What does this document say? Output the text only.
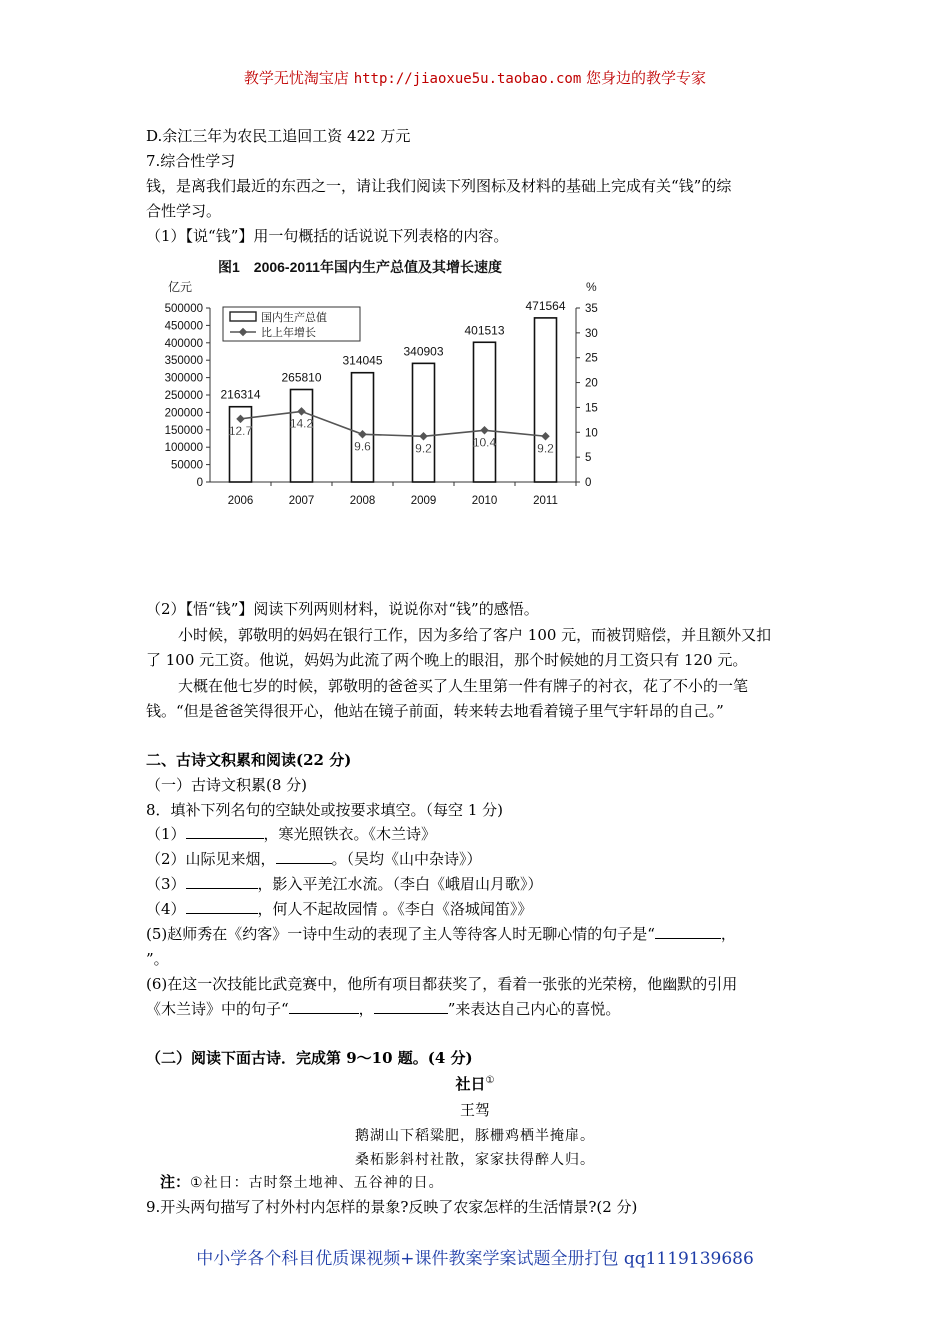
教学无忧淘宝店 http://jiaoxue5u.taobao.com 您身边的教学专家
D.余江三年为农民工追回工资 422 万元
7.综合性学习
钱，是离我们最近的东西之一，请让我们阅读下列图标及材料的基础上完成有关“钱”的综
合性学习。
（1）【说“钱”】用一句概括的话说说下列表格的内容。
图1　2006-2011年国内生产总值及其增长速度
亿元	%
500000
450000
400000
350000
300000
250000
200000
150000
100000
50000
0
35
30
25
20
15
10
5
0
2006
216314
2007
265810
2008
314045
2009
340903
2010
401513
2011
471564
12.7
14.2
9.6	9.2	10.4	9.2
国内生产总值
比上年增长
（2）【悟“钱”】阅读下列两则材料，说说你对“钱”的感悟。
小时候，郭敬明的妈妈在银行工作，因为多给了客户 100 元，而被罚赔偿，并且额外又扣
了 100 元工资。他说，妈妈为此流了两个晚上的眼泪，那个时候她的月工资只有 120 元。
大概在他七岁的时候，郭敬明的爸爸买了人生里第一件有牌子的衬衣，花了不小的一笔
钱。“但是爸爸笑得很开心，他站在镜子前面，转来转去地看着镜子里气宇轩昂的自己。”
二、古诗文积累和阅读(22 分)
（一）古诗文积累(8 分)
8．填补下列名句的空缺处或按要求填空。（每空 1 分)
（1）	，寒光照铁衣。《木兰诗》
（2）山际见来烟，	。（吴均《山中杂诗》）
（3）	，影入平羌江水流。（李白《峨眉山月歌》）
（4）	，何人不起故园情 。《李白《洛城闻笛》》
(5)赵师秀在《约客》一诗中生动的表现了主人等待客人时无聊心情的句子是“	，
”。
(6)在这一次技能比武竞赛中，他所有项目都获奖了，看着一张张的光荣榜，他幽默的引用
《木兰诗》中的句子“	，	”来表达自己内心的喜悦。
（二）阅读下面古诗．完成第 9～10 题。(4 分)
社日①
王驾
鹅湖山下稻粱肥，豚栅鸡栖半掩扉。
桑柘影斜村社散，家家扶得醉人归。
注：①社日：古时祭土地神、五谷神的日。
9.开头两句描写了村外村内怎样的景象?反映了农家怎样的生活情景?(2 分)
中小学各个科目优质课视频+课件教案学案试题全册打包 qq1119139686
